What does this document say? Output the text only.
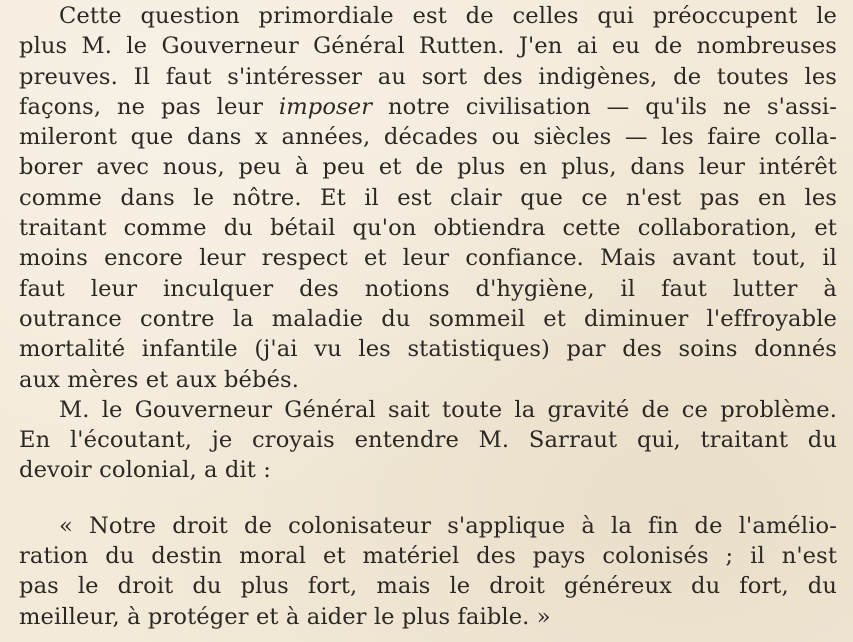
Cette question primordiale est de celles qui préoccupent le
plus M. le Gouverneur Général Rutten. J'en ai eu de nombreuses
preuves. Il faut s'intéresser au sort des indigènes, de toutes les
façons, ne pas leur imposer notre civilisation — qu'ils ne s'assi-
mileront que dans x années, décades ou siècles — les faire colla-
borer avec nous, peu à peu et de plus en plus, dans leur intérêt
comme dans le nôtre. Et il est clair que ce n'est pas en les
traitant comme du bétail qu'on obtiendra cette collaboration, et
moins encore leur respect et leur confiance. Mais avant tout, il
faut leur inculquer des notions d'hygiène, il faut lutter à
outrance contre la maladie du sommeil et diminuer l'effroyable
mortalité infantile (j'ai vu les statistiques) par des soins donnés
aux mères et aux bébés.

M. le Gouverneur Général sait toute la gravité de ce problème.
En l'écoutant, je croyais entendre M. Sarraut qui, traitant du
devoir colonial, a dit :

« Notre droit de colonisateur s'applique à la fin de l'amélio-
ration du destin moral et matériel des pays colonisés ; il n'est
pas le droit du plus fort, mais le droit généreux du fort, du
meilleur, à protéger et à aider le plus faible. »
